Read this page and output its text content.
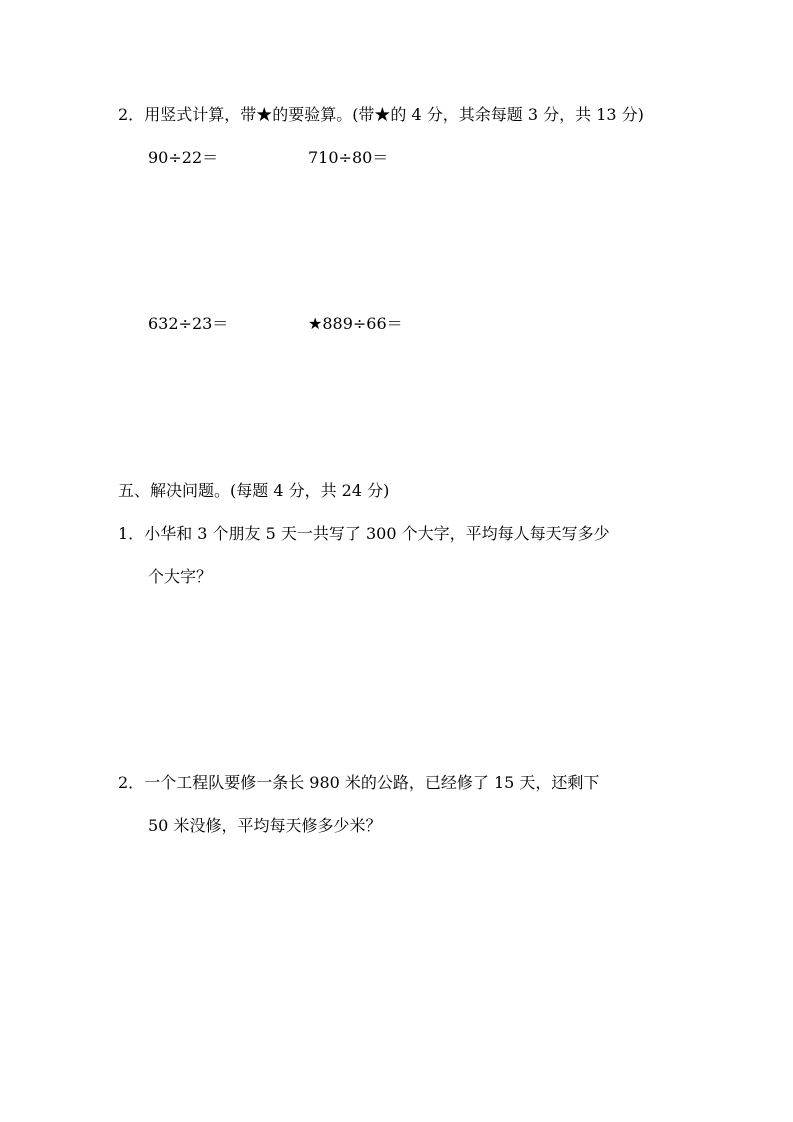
2．用竖式计算，带★的要验算。(带★的 4 分，其余每题 3 分，共 13 分)
90÷22＝	710÷80＝
632÷23＝	★889÷66＝
五、解决问题。(每题 4 分，共 24 分)
1．小华和 3 个朋友 5 天一共写了 300 个大字，平均每人每天写多少
个大字？
2．一个工程队要修一条长 980 米的公路，已经修了 15 天，还剩下
50 米没修，平均每天修多少米？
